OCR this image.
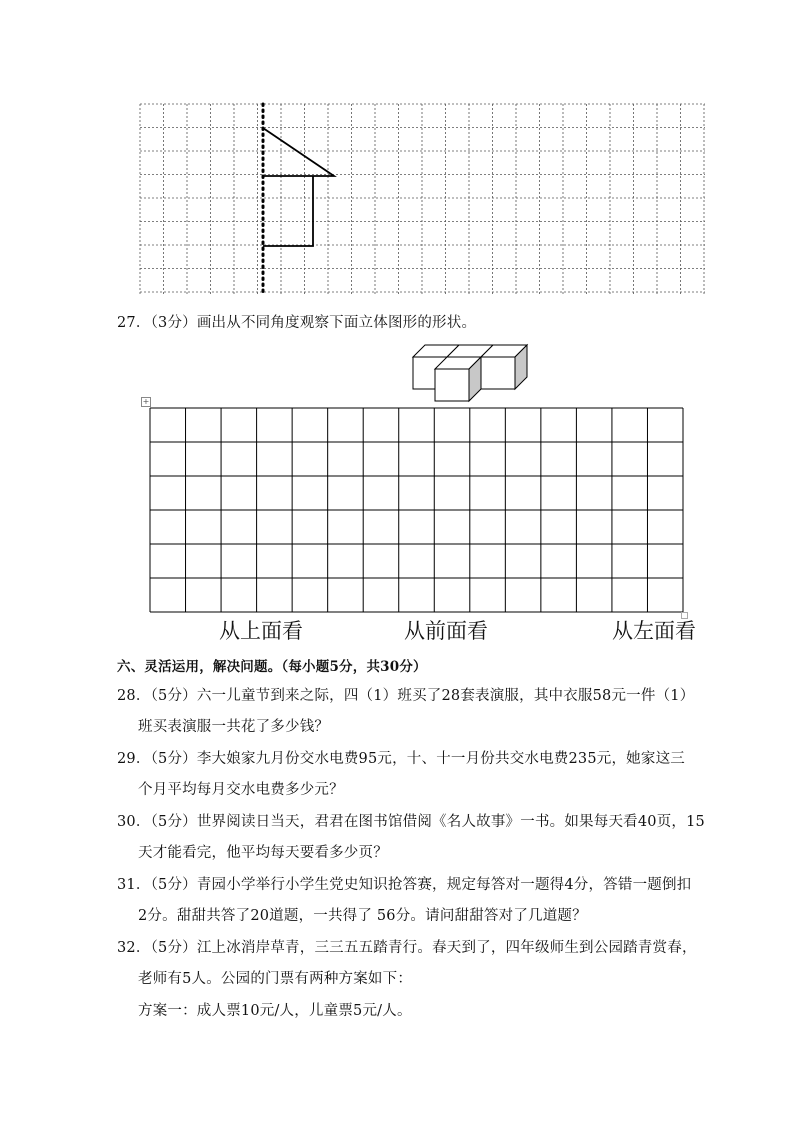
27．（3分）画出从不同角度观察下面立体图形的形状。
+
从上面看	从前面看	从左面看
六、灵活运用，解决问题。（每小题5分，共30分）
28．（5分）六一儿童节到来之际，四（1）班买了28套表演服，其中衣服58元一件（1）
班买表演服一共花了多少钱？
29．（5分）李大娘家九月份交水电费95元，十、十一月份共交水电费235元，她家这三
个月平均每月交水电费多少元？
30．（5分）世界阅读日当天，君君在图书馆借阅《名人故事》一书。如果每天看40页，15
天才能看完，他平均每天要看多少页？
31．（5分）青园小学举行小学生党史知识抢答赛，规定每答对一题得4分，答错一题倒扣
2分。甜甜共答了20道题，一共得了 56分。请问甜甜答对了几道题？
32．（5分）江上冰消岸草青，三三五五踏青行。春天到了，四年级师生到公园踏青赏春，
老师有5人。公园的门票有两种方案如下：
方案一：成人票10元/人，儿童票5元/人。
